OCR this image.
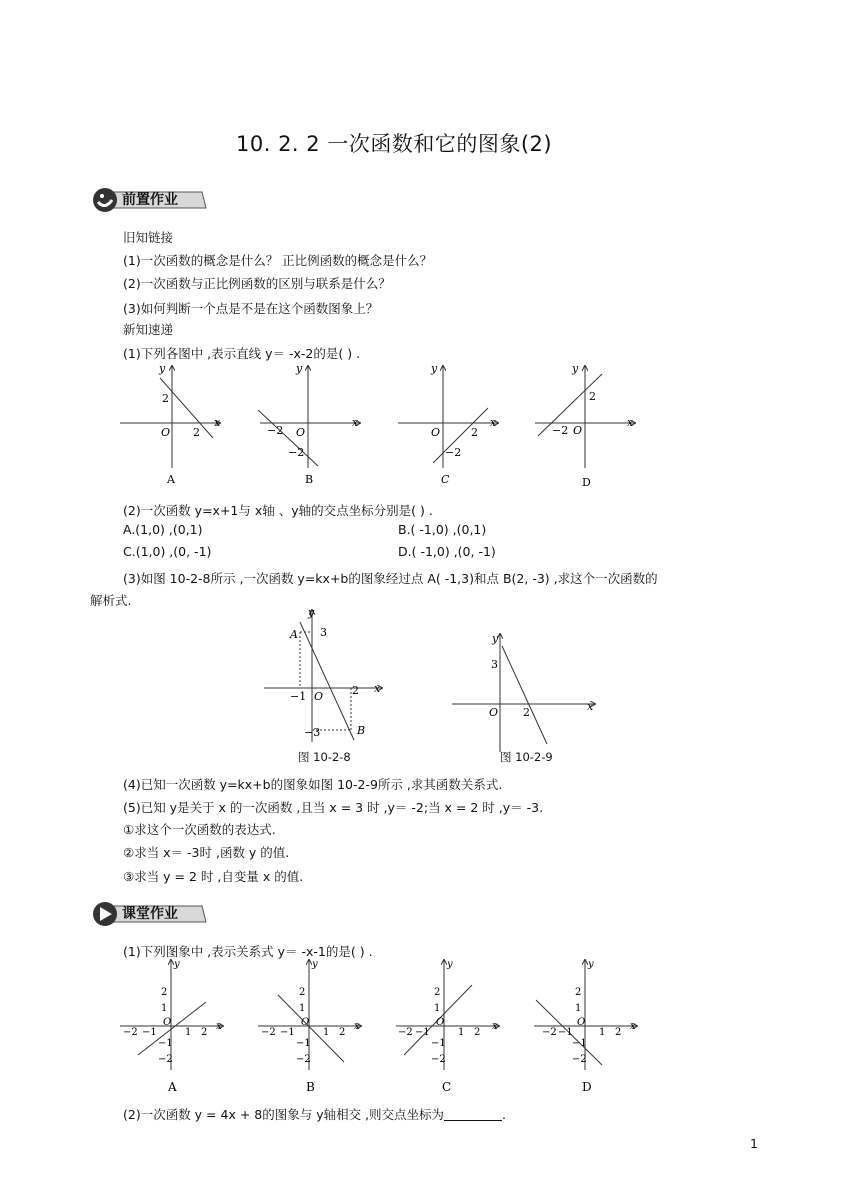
10. 2. 2 一次函数和它的图象(2)
前置作业
旧知链接
(1)一次函数的概念是什么？ 正比例函数的概念是什么？
(2)一次函数与正比例函数的区别与联系是什么？
(3)如何判断一个点是不是在这个函数图象上？
新知速递
(1)下列各图中 ,表示直线 y＝ -x-2的是( ) .
y
x
O
2
2
A
y
x
O
−2
−2
B
y
x
O	2
−2
C
y
x
−2 O
2
D
(2)一次函数 y=x+1与 x轴 、y轴的交点坐标分别是( ) .
A.(1,0) ,(0,1)	B.( -1,0) ,(0,1)
C.(1,0) ,(0, -1)	D.( -1,0) ,(0, -1)
(3)如图 10-2-8所示 ,一次函数 y=kx+b的图象经过点 A( -1,3)和点 B(2, -3) ,求这个一次函数的
解析式.
y
x
A 3
−1 O	2
−3	B
图 10-2-8
y
x
3
O 2
图 10-2-9
(4)已知一次函数 y=kx+b的图象如图 10-2-9所示 ,求其函数关系式.
(5)已知 y是关于 x 的一次函数 ,且当 x = 3 时 ,y＝ -2;当 x = 2 时 ,y＝ -3.
①求这个一次函数的表达式.
②求当 x＝ -3时 ,函数 y 的值.
③求当 y = 2 时 ,自变量 x 的值.
课堂作业
(1)下列图象中 ,表示关系式 y＝ -x-1的是( ) .
y
x
2
1
−2 −1
O
1 2
−1
−2
A
y
x
2
1
−2 −1
O
1 2
−1
−2
B
y
x
2
1
−2 −1
O
1 2
−1
−2
C
y
x
2
1
−2 −1
O
1 2
−1
−2
D
(2)一次函数 y = 4x + 8的图象与 y轴相交 ,则交点坐标为	.
1
